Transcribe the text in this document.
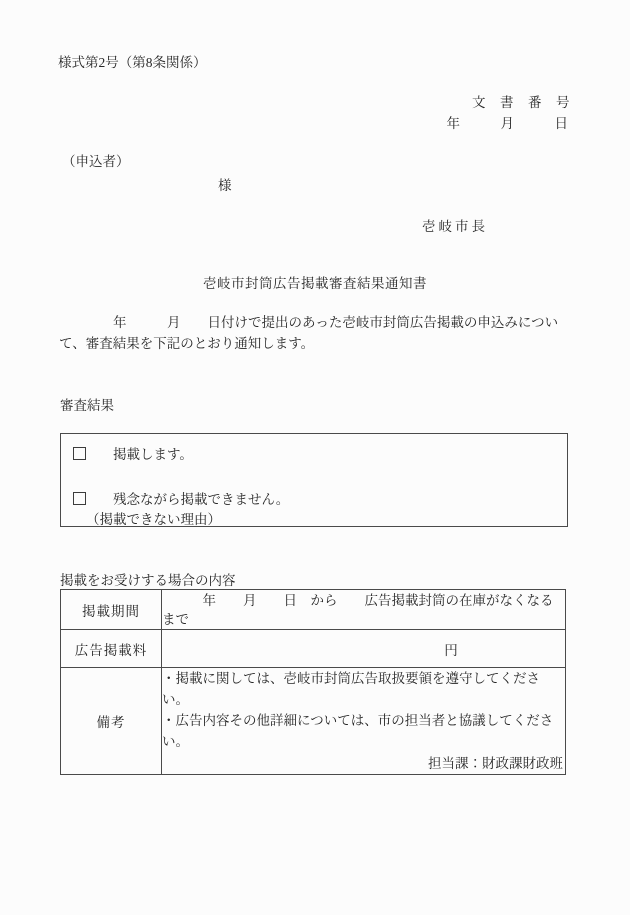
様式第2号（第8条関係）
文　書　番　号
年　　　月　　　日
（申込者）
様
壱岐市長
壱岐市封筒広告掲載審査結果通知書
　　　　年　　　月　　日付けで提出のあった壱岐市封筒広告掲載の申込みについて、審査結果を下記のとおり通知します。
審査結果
掲載します。
残念ながら掲載できません。
（掲載できない理由）
掲載をお受けする場合の内容
掲載期間	　　　年　　月　　日　から　　広告掲載封筒の在庫がなくなるまで
広告掲載料	円
備考	・掲載に関しては、壱岐市封筒広告取扱要領を遵守してください。
・広告内容その他詳細については、市の担当者と協議してください。
担当課：財政課財政班
